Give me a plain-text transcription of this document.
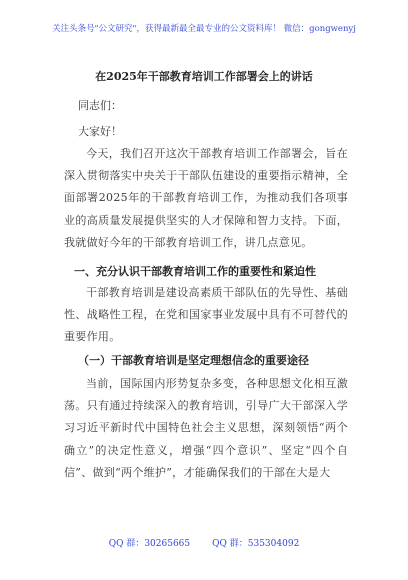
关注头条号"公文研究"，获得最新最全最专业的公文资料库！ 微信：gongwenyj
在2025年干部教育培训工作部署会上的讲话
同志们：
大家好！
今天，我们召开这次干部教育培训工作部署会，旨在深入贯彻落实中央关于干部队伍建设的重要指示精神，全面部署2025年的干部教育培训工作，为推动我们各项事业的高质量发展提供坚实的人才保障和智力支持。下面，我就做好今年的干部教育培训工作，讲几点意见。
一、充分认识干部教育培训工作的重要性和紧迫性
干部教育培训是建设高素质干部队伍的先导性、基础性、战略性工程，在党和国家事业发展中具有不可替代的重要作用。
（一）干部教育培训是坚定理想信念的重要途径
当前，国际国内形势复杂多变，各种思想文化相互激荡。只有通过持续深入的教育培训，引导广大干部深入学习习近平新时代中国特色社会主义思想，深刻领悟“两个确立”的决定性意义，增强“四个意识”、坚定“四个自信”、做到“两个维护”，才能确保我们的干部在大是大
QQ 群：30265665 QQ 群：535304092
